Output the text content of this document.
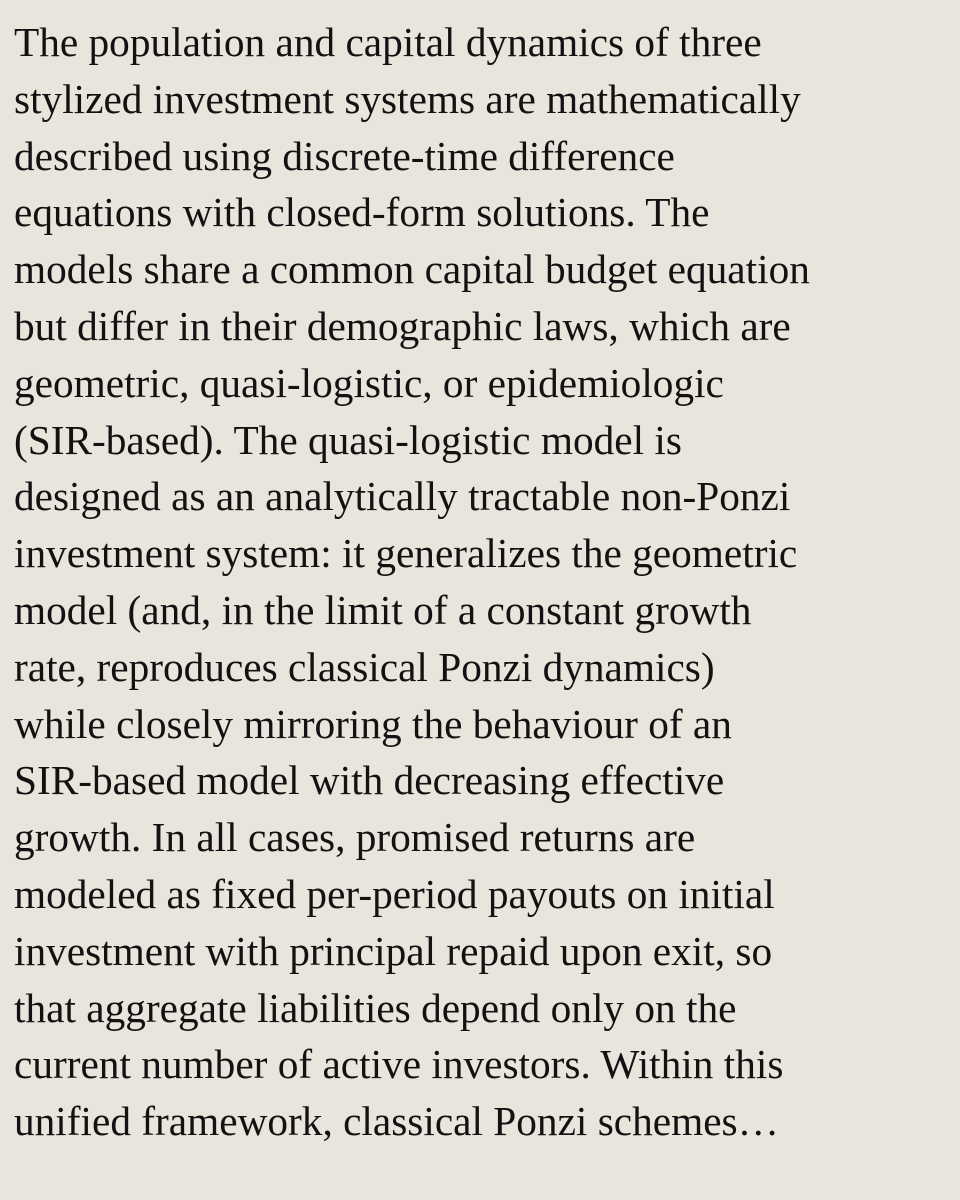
The population and capital dynamics of three
stylized investment systems are mathematically
described using discrete-time difference
equations with closed-form solutions. The
models share a common capital budget equation
but differ in their demographic laws, which are
geometric, quasi-logistic, or epidemiologic
(SIR-based). The quasi-logistic model is
designed as an analytically tractable non-Ponzi
investment system: it generalizes the geometric
model (and, in the limit of a constant growth
rate, reproduces classical Ponzi dynamics)
while closely mirroring the behaviour of an
SIR-based model with decreasing effective
growth. In all cases, promised returns are
modeled as fixed per-period payouts on initial
investment with principal repaid upon exit, so
that aggregate liabilities depend only on the
current number of active investors. Within this
unified framework, classical Ponzi schemes…
